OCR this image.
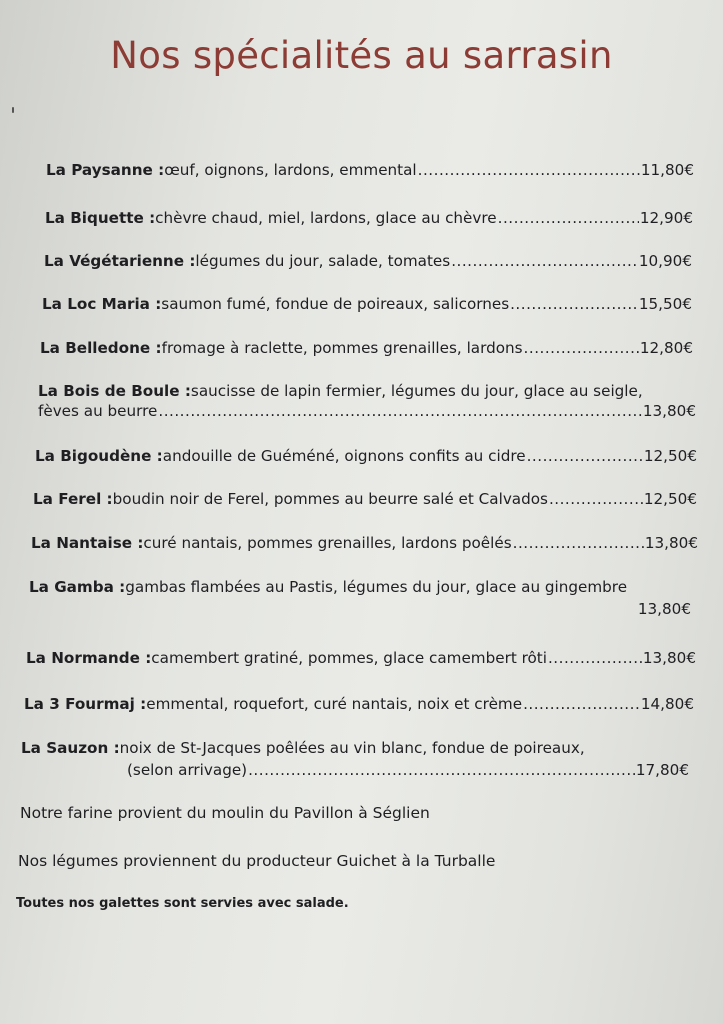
Nos spécialités au sarrasin
La Paysanne : œuf, oignons, lardons, emmental .....	11,80€
La Biquette : chèvre chaud, miel, lardons, glace au chèvre .....	12,90€
La Végétarienne : légumes du jour, salade, tomates .....	10,90€
La Loc Maria : saumon fumé, fondue de poireaux, salicornes .....	15,50€
La Belledone : fromage à raclette, pommes grenailles, lardons .....	12,80€
La Bois de Boule : saucisse de lapin fermier, légumes du jour, glace au seigle,
fèves au beurre .....	13,80€
La Bigoudène : andouille de Guéméné, oignons confits au cidre .....	12,50€
La Ferel : boudin noir de Ferel, pommes au beurre salé et Calvados .....	12,50€
La Nantaise : curé nantais, pommes grenailles, lardons poêlés .....	13,80€
La Gamba : gambas flambées au Pastis, légumes du jour, glace au gingembre
13,80€
La Normande : camembert gratiné, pommes, glace camembert rôti .....	13,80€
La 3 Fourmaj : emmental, roquefort, curé nantais, noix et crème .....	14,80€
La Sauzon : noix de St-Jacques poêlées au vin blanc, fondue de poireaux,
(selon arrivage) .....	17,80€
Notre farine provient du moulin du Pavillon à Séglien
Nos légumes proviennent du producteur Guichet à la Turballe
Toutes nos galettes sont servies avec salade.
